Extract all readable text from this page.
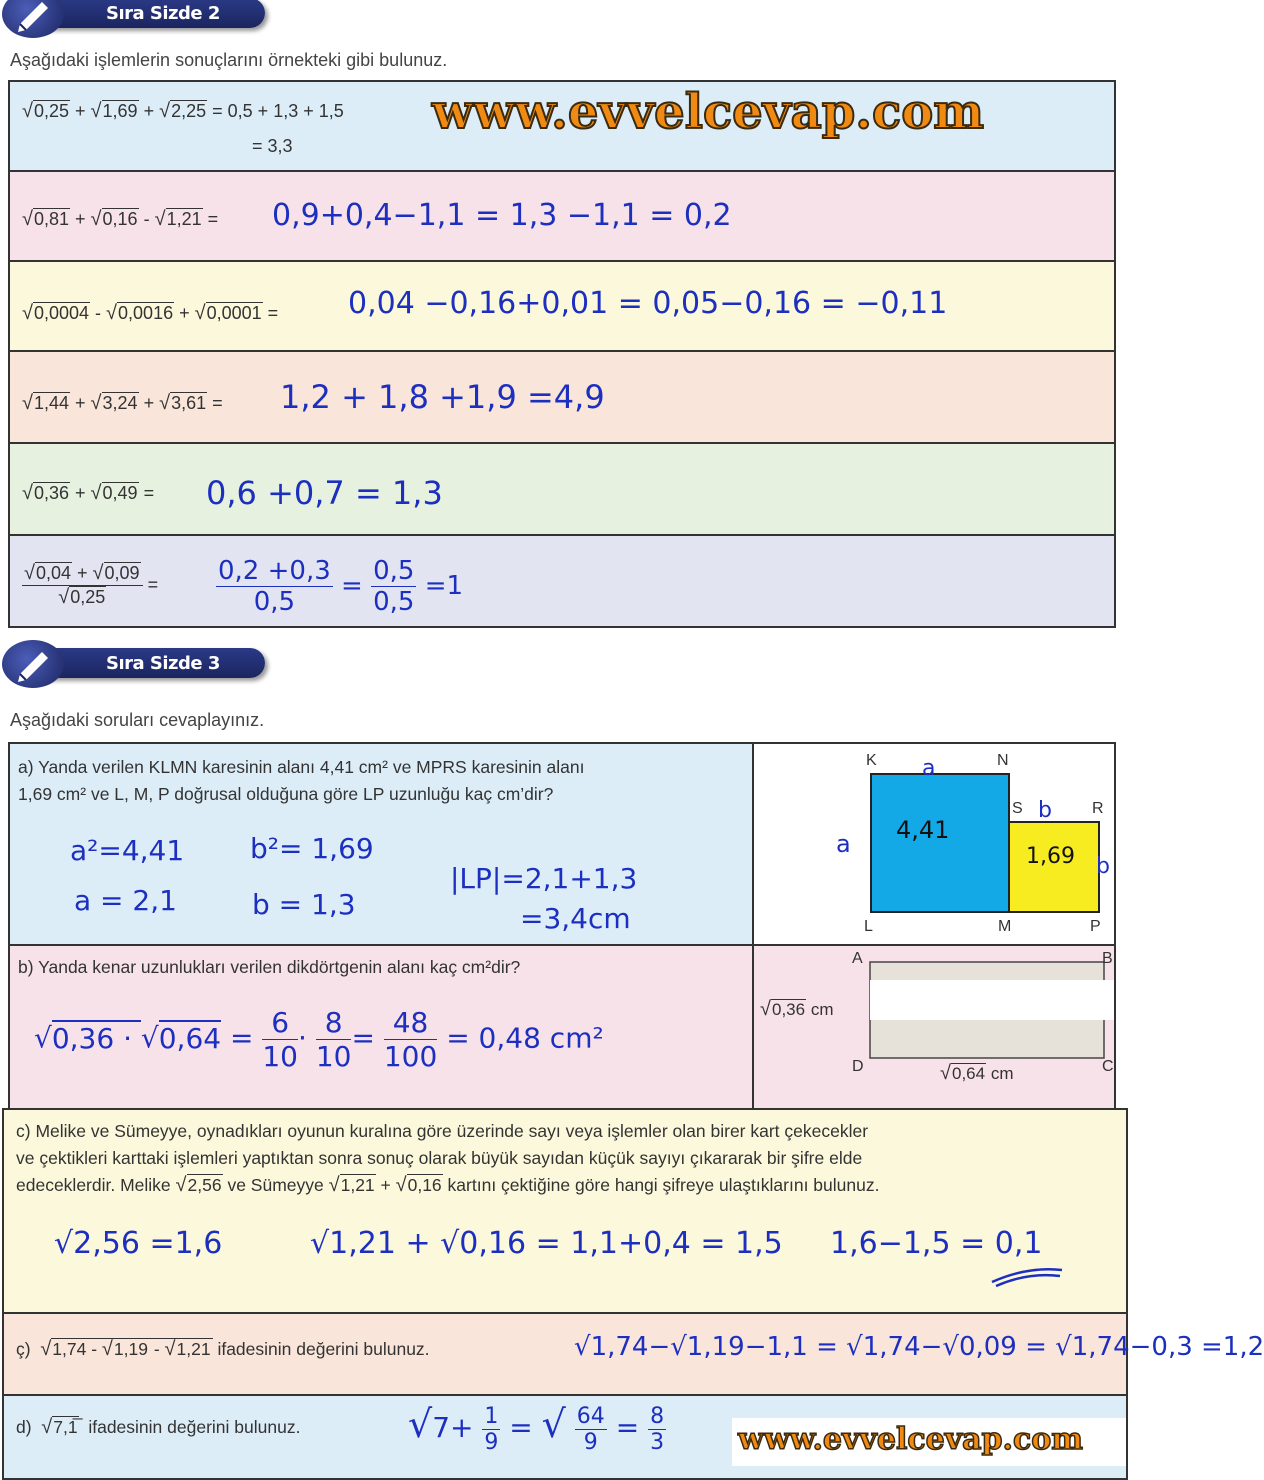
Sıra Sizde 2
Aşağıdaki işlemlerin sonuçlarını örnekteki gibi bulunuz.
√0,25 + √1,69 + √2,25 = 0,5 + 1,3 + 1,5
= 3,3
www.evvelcevap.com
√0,81 + √0,16 - √1,21 = 0,9+0,4−1,1 = 1,3 −1,1 = 0,2
√0,0004 - √0,0016 + √0,0001 = 0,04 −0,16+0,01 = 0,05−0,16 = −0,11
√1,44 + √3,24 + √3,61 = 1,2 + 1,8 +1,9 =4,9
√0,36 + √0,49 = 0,6 +0,7 = 1,3
$\frac{√0,04 + √0,09}{√0,25} = \frac{0,2 +0,3}{0,5} = \frac{0,5}{0,5} =1$
Sıra Sizde 3
Aşağıdaki soruları cevaplayınız.
a) Yanda verilen KLMN karesinin alanı 4,41 cm² ve MPRS karesinin alanı
1,69 cm² ve L, M, P doğrusal olduğuna göre LP uzunluğu kaç cm’dir?
a²=4,41 b²= 1,69
a = 2,1	b = 1,3
|LP|=2,1+1,3
=3,4cm
K	N
S	R
L	M	P
4,41
1,69
a
a
b
b
b) Yanda kenar uzunlukları verilen dikdörtgenin alanı kaç cm²dir?
$√0,36 \cdot √0,64 = \frac{6}{10} \cdot \frac{8}{10} = \frac{48}{100} = 0,48$ cm²
A	B
C
D
√0,36 cm
√0,64 cm
c) Melike ve Sümeyye, oynadıkları oyunun kuralına göre üzerinde sayı veya işlemler olan birer kart çekecekler
ve çektikleri karttaki işlemleri yaptıktan sonra sonuç olarak büyük sayıdan küçük sayıyı çıkararak bir şifre elde
edeceklerdir. Melike √2,56 ve Sümeyye √1,21 + √0,16 kartını çektiğine göre hangi şifreye ulaştıklarını bulunuz.
√2,56 =1,6	√1,21 + √0,16 = 1,1+0,4 = 1,5 1,6−1,5 = 0,1
ç) √1,74 - √1,19 - √1,21 ifadesinin değerini bulunuz.	√1,74−√1,19−1,1 = √1,74−√0,09 = √1,74−0,3 =1,2
d) √7,1̅ ifadesinin değerini bulunuz.	$√7+ \frac{1}{9}$ = √ $\frac{64}{9} = \frac{8}{3}$ www.evvelcevap.com
